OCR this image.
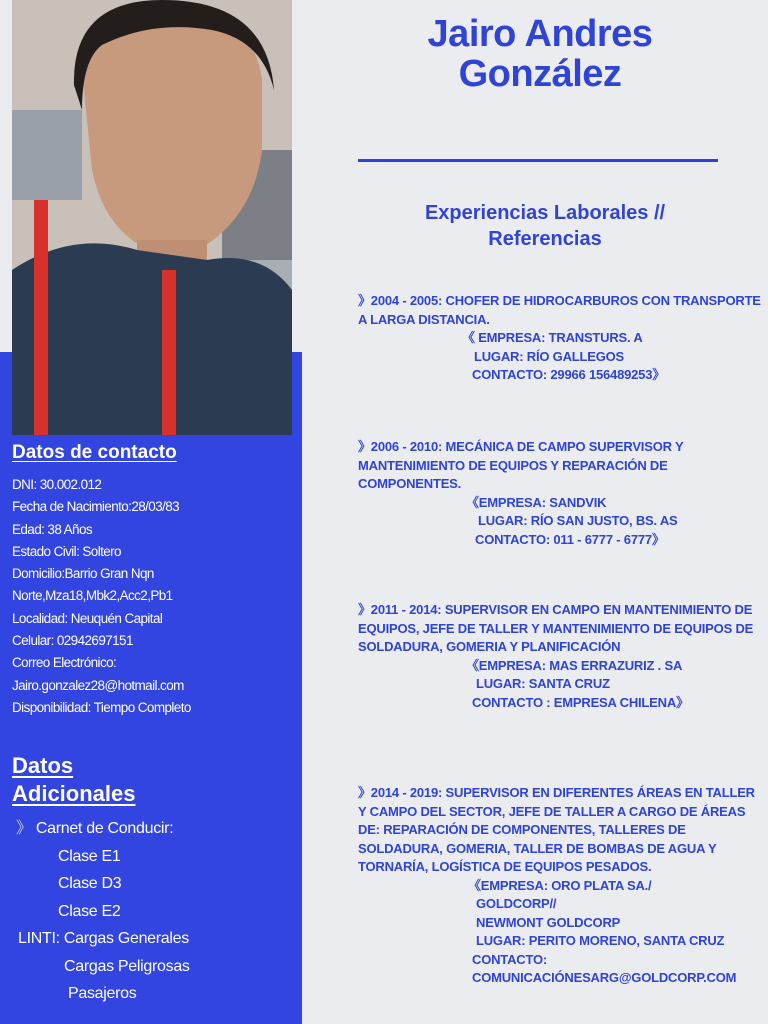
Datos de contacto
DNI: 30.002.012
Fecha de Nacimiento:28/03/83
Edad: 38 Años
Estado Civil: Soltero
Domicilio:Barrio Gran Nqn
Norte,Mza18,Mbk2,Acc2,Pb1
Localidad: Neuquén Capital
Celular: 02942697151
Correo Electrónico:
Jairo.gonzalez28@hotmail.com
Disponibilidad: Tiempo Completo
Datos
Adicionales
》 Carnet de Conducir:
Clase E1
Clase D3
Clase E2
LINTI: Cargas Generales
Cargas Peligrosas
Pasajeros
Jairo Andres
González
Experiencias Laborales //
Referencias
》2004 - 2005: CHOFER DE HIDROCARBUROS CON TRANSPORTE A LARGA DISTANCIA.
《 EMPRESA: TRANSTURS. A
LUGAR: RÍO GALLEGOS
CONTACTO: 29966 156489253》
》2006 - 2010: MECÁNICA DE CAMPO SUPERVISOR Y MANTENIMIENTO DE EQUIPOS Y REPARACIÓN DE COMPONENTES.
《EMPRESA: SANDVIK
LUGAR: RÍO SAN JUSTO, BS. AS
CONTACTO: 011 - 6777 - 6777》
》2011 - 2014: SUPERVISOR EN CAMPO EN MANTENIMIENTO DE EQUIPOS, JEFE DE TALLER Y MANTENIMIENTO DE EQUIPOS DE SOLDADURA, GOMERIA Y PLANIFICACIÓN
《EMPRESA: MAS ERRAZURIZ . SA
LUGAR: SANTA CRUZ
CONTACTO : EMPRESA CHILENA》
》2014 - 2019: SUPERVISOR EN DIFERENTES ÁREAS EN TALLER Y CAMPO DEL SECTOR, JEFE DE TALLER A CARGO DE ÁREAS DE: REPARACIÓN DE COMPONENTES, TALLERES DE SOLDADURA, GOMERIA, TALLER DE BOMBAS DE AGUA Y TORNARÍA, LOGÍSTICA DE EQUIPOS PESADOS.
《EMPRESA: ORO PLATA SA./
GOLDCORP//
NEWMONT GOLDCORP
LUGAR: PERITO MORENO, SANTA CRUZ
CONTACTO:
COMUNICACIÓNESARG@GOLDCORP.COM
